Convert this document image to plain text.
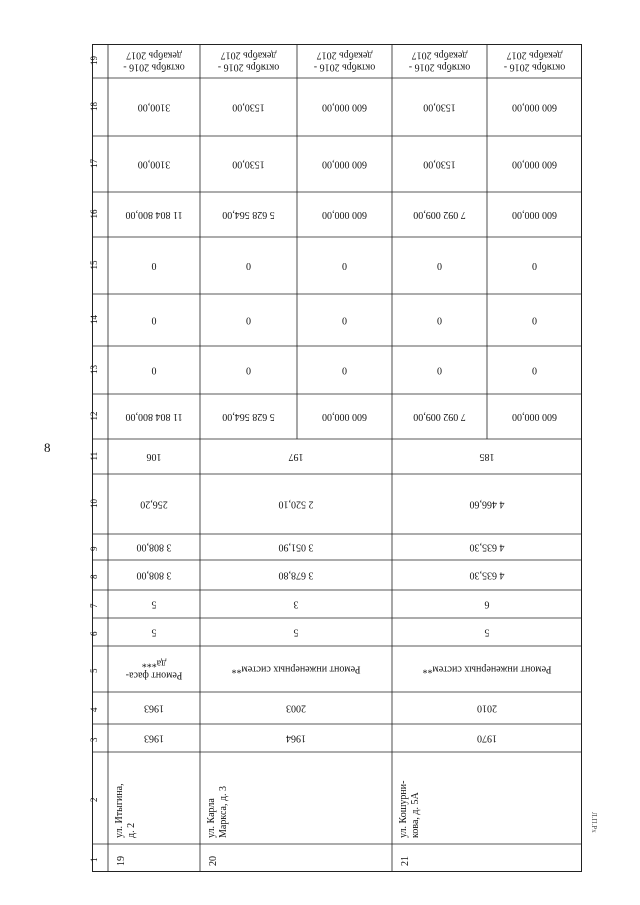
8
Л.П.Рх
1
2
3
4
5
6
7
8
9
10
11
12
13
14
15
16
17
18
19
октябрь 2016 -
декабрь 2017
3100,00
3100,00
11 804 800,00
0
0
0
11 804 800,00
106
256,20
3 808,00
3 808,00
5
5
Ремонт фаса-
да***
1963
1963
ул. Итыгина, д. 2
19
197
2 520,10
3 051,90
3 678,80
3
5
Ремонт инженерных систем**
2003
1964
ул. Карла Маркса, д. 3
20
октябрь 2016 -
декабрь 2017
1530,00
1530,00
5 628 564,00
0
0
0
5 628 564,00
октябрь 2016 -
декабрь 2017
600 000,00
600 000,00
600 000,00
0
0
0
600 000,00
185
4 466,60
4 635,30
4 635,30
6
5
Ремонт инженерных систем**
2010
1970
ул. Кошурни- кова, д. 5А
21
октябрь 2016 -
декабрь 2017
1530,00
1530,00
7 092 009,00
0
0
0
7 092 009,00
октябрь 2016 -
декабрь 2017
600 000,00
600 000,00
600 000,00
0
0
0
600 000,00
